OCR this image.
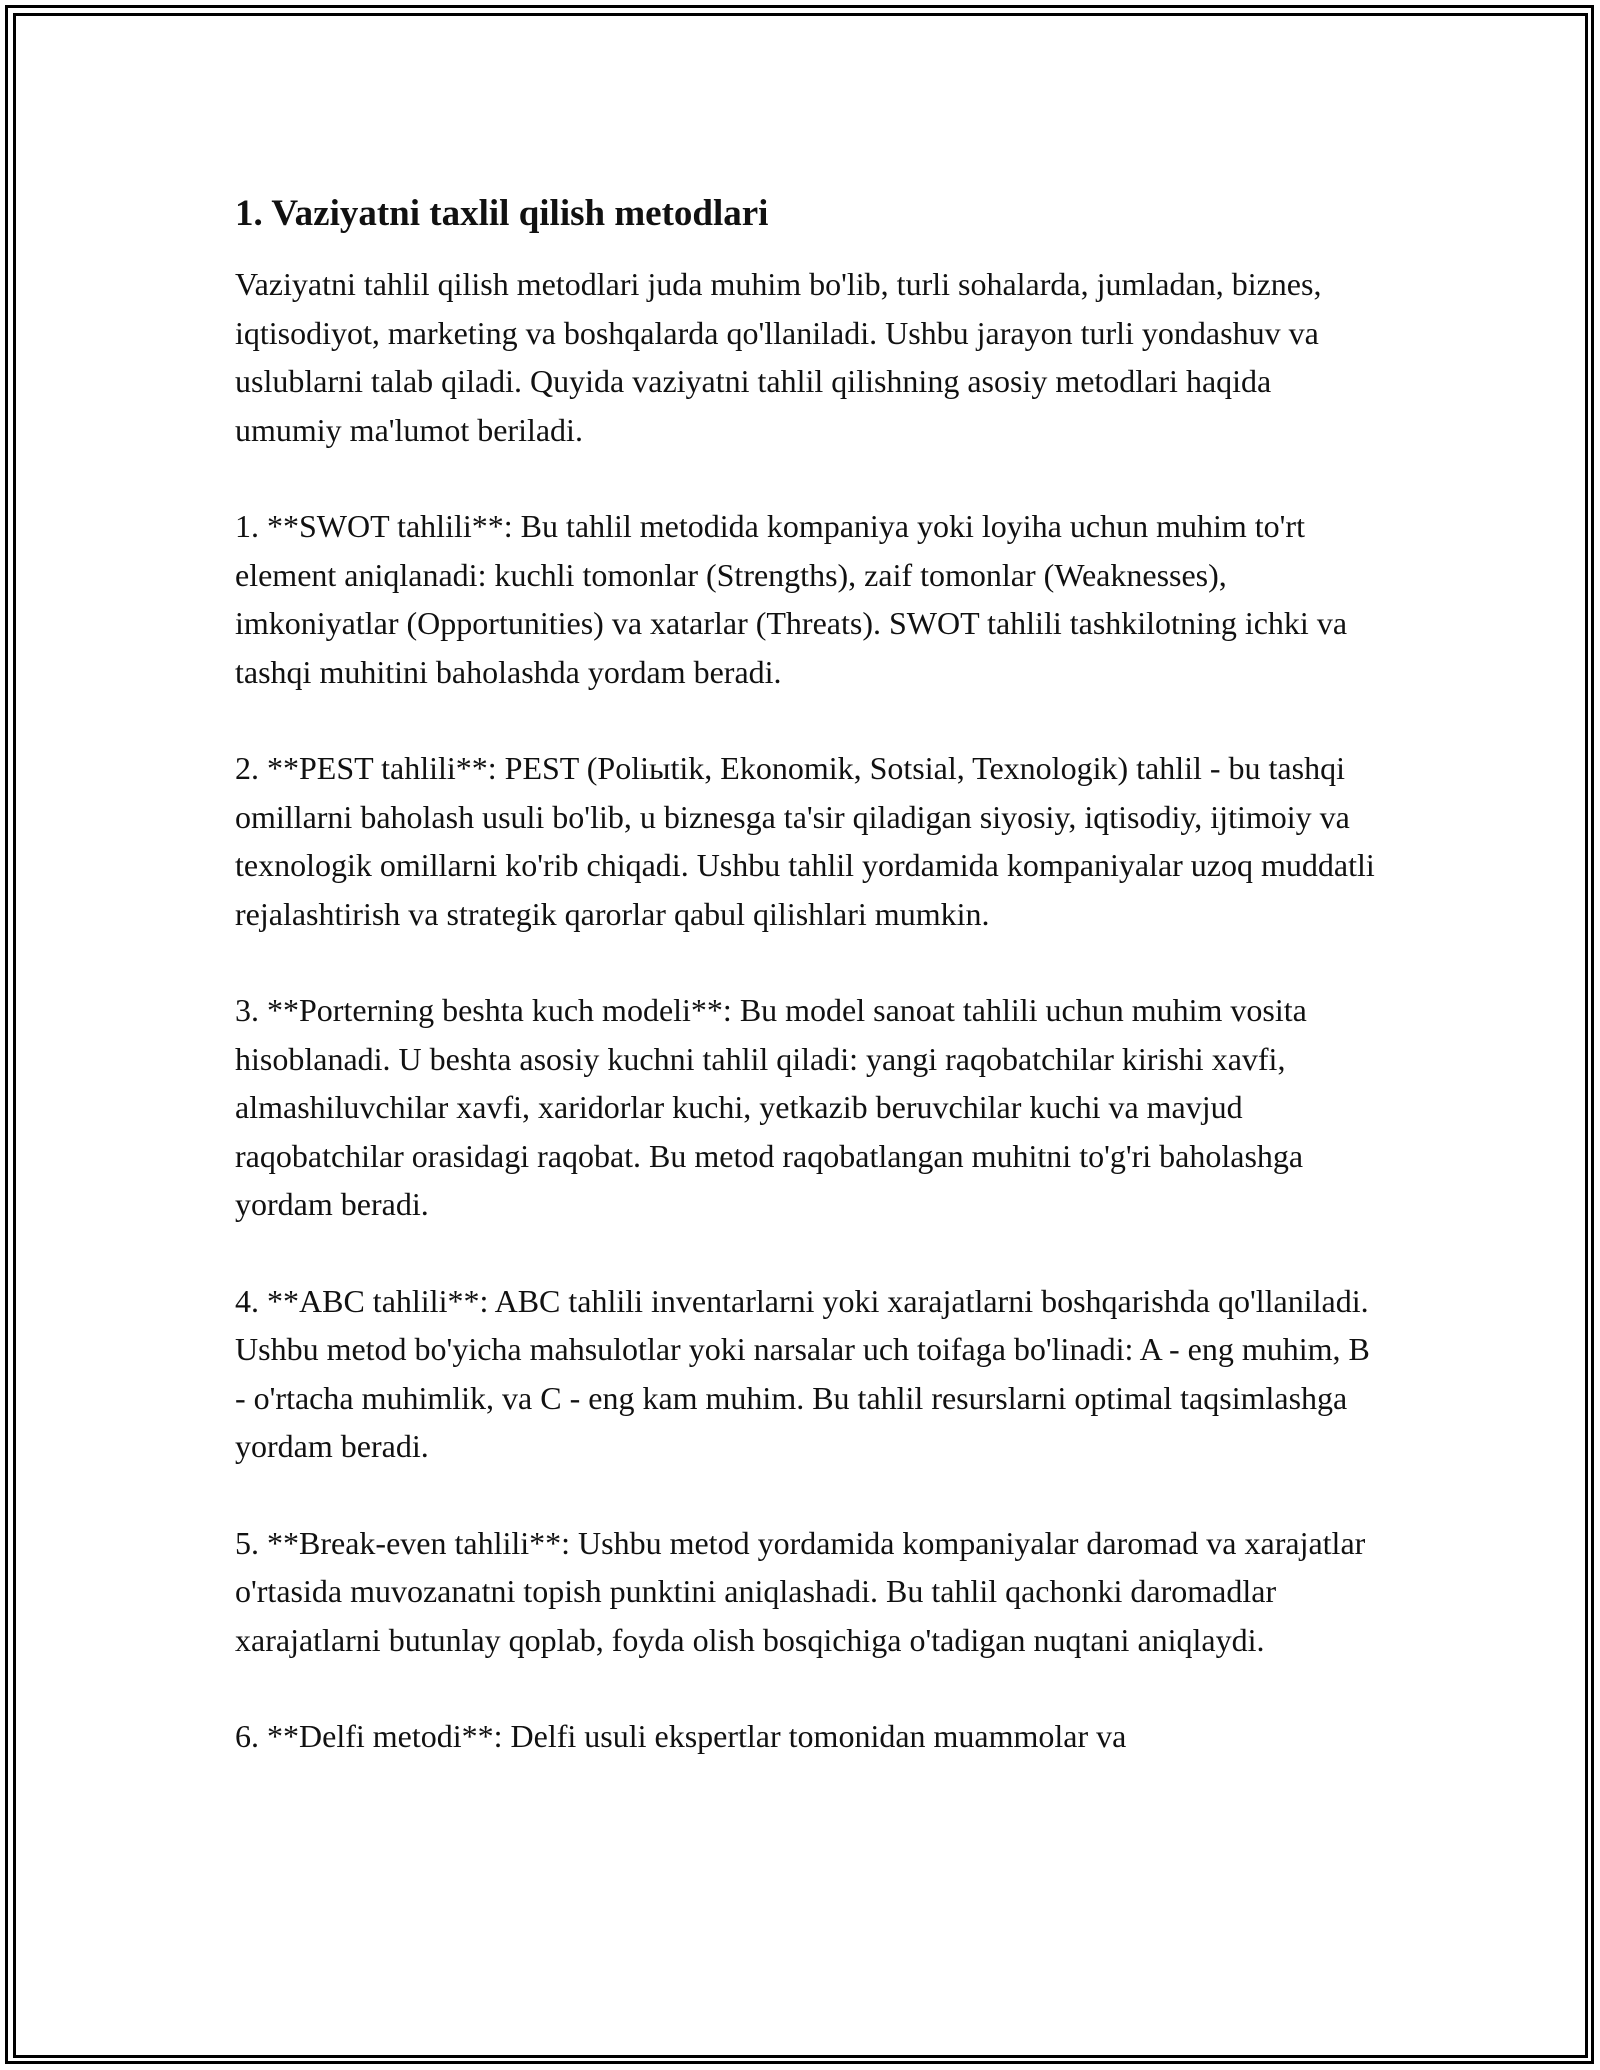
1. Vaziyatni taxlil qilish metodlari

Vaziyatni tahlil qilish metodlari juda muhim bo'lib, turli sohalarda, jumladan, biznes, iqtisodiyot, marketing va boshqalarda qo'llaniladi. Ushbu jarayon turli yondashuv va uslublarni talab qiladi. Quyida vaziyatni tahlil qilishning asosiy metodlari haqida umumiy ma'lumot beriladi.

1. **SWOT tahlili**: Bu tahlil metodida kompaniya yoki loyiha uchun muhim to'rt element aniqlanadi: kuchli tomonlar (Strengths), zaif tomonlar (Weaknesses), imkoniyatlar (Opportunities) va xatarlar (Threats). SWOT tahlili tashkilotning ichki va tashqi muhitini baholashda yordam beradi.

2. **PEST tahlili**: PEST (Poliыtik, Ekonomik, Sotsial, Texnologik) tahlil - bu tashqi omillarni baholash usuli bo'lib, u biznesga ta'sir qiladigan siyosiy, iqtisodiy, ijtimoiy va texnologik omillarni ko'rib chiqadi. Ushbu tahlil yordamida kompaniyalar uzoq muddatli rejalashtirish va strategik qarorlar qabul qilishlari mumkin.

3. **Porterning beshta kuch modeli**: Bu model sanoat tahlili uchun muhim vosita hisoblanadi. U beshta asosiy kuchni tahlil qiladi: yangi raqobatchilar kirishi xavfi, almashiluvchilar xavfi, xaridorlar kuchi, yetkazib beruvchilar kuchi va mavjud raqobatchilar orasidagi raqobat. Bu metod raqobatlangan muhitni to'g'ri baholashga yordam beradi.

4. **ABC tahlili**: ABC tahlili inventarlarni yoki xarajatlarni boshqarishda qo'llaniladi. Ushbu metod bo'yicha mahsulotlar yoki narsalar uch toifaga bo'linadi: A - eng muhim, B - o'rtacha muhimlik, va C - eng kam muhim. Bu tahlil resurslarni optimal taqsimlashga yordam beradi.

5. **Break-even tahlili**: Ushbu metod yordamida kompaniyalar daromad va xarajatlar o'rtasida muvozanatni topish punktini aniqlashadi. Bu tahlil qachonki daromadlar xarajatlarni butunlay qoplab, foyda olish bosqichiga o'tadigan nuqtani aniqlaydi.

6. **Delfi metodi**: Delfi usuli ekspertlar tomonidan muammolar va
